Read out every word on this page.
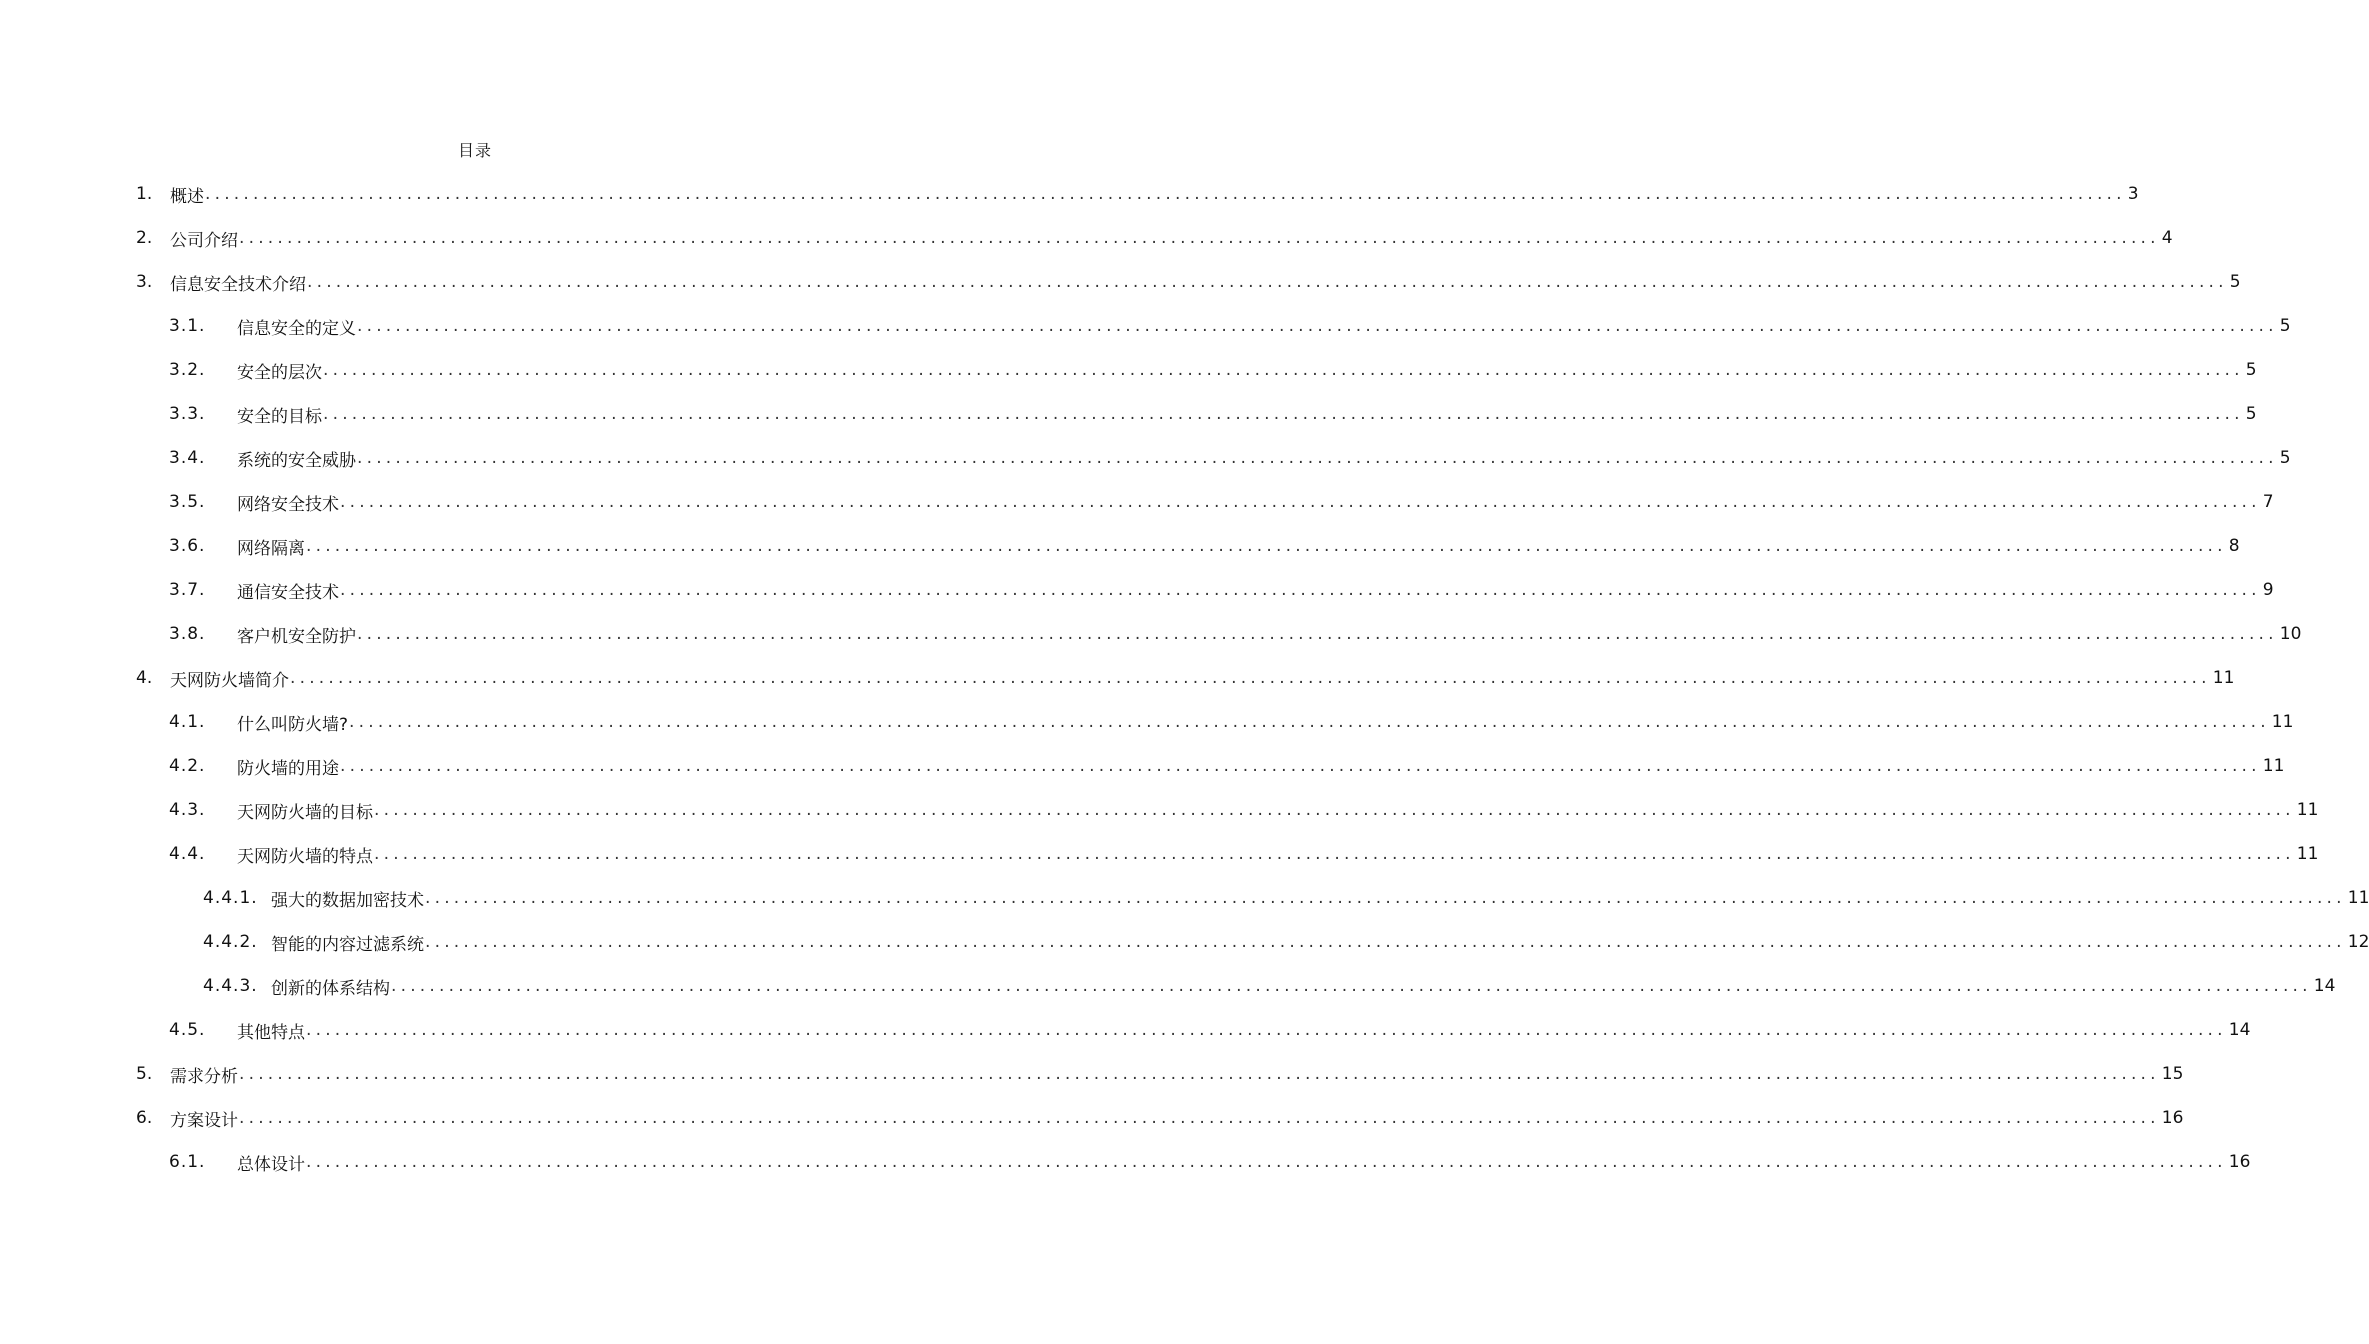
目录
1. 概述 ........................................................................................................................................................................................................ 3
2. 公司介绍 ........................................................................................................................................................................................................ 4
3. 信息安全技术介绍 ........................................................................................................................................................................................................ 5
3.1. 信息安全的定义 ........................................................................................................................................................................................................ 5
3.2. 安全的层次 ........................................................................................................................................................................................................ 5
3.3. 安全的目标 ........................................................................................................................................................................................................ 5
3.4. 系统的安全威胁 ........................................................................................................................................................................................................ 5
3.5. 网络安全技术 ........................................................................................................................................................................................................ 7
3.6. 网络隔离 ........................................................................................................................................................................................................ 8
3.7. 通信安全技术 ........................................................................................................................................................................................................ 9
3.8. 客户机安全防护 ........................................................................................................................................................................................................ 10
4. 天网防火墙简介 ........................................................................................................................................................................................................ 11
4.1. 什么叫防火墙? ........................................................................................................................................................................................................ 11
4.2. 防火墙的用途 ........................................................................................................................................................................................................ 11
4.3. 天网防火墙的目标 ........................................................................................................................................................................................................ 11
4.4. 天网防火墙的特点 ........................................................................................................................................................................................................ 11
4.4.1. 强大的数据加密技术 ........................................................................................................................................................................................................ 11
4.4.2. 智能的内容过滤系统 ........................................................................................................................................................................................................ 12
4.4.3. 创新的体系结构 ........................................................................................................................................................................................................ 14
4.5. 其他特点 ........................................................................................................................................................................................................ 14
5. 需求分析 ........................................................................................................................................................................................................ 15
6. 方案设计 ........................................................................................................................................................................................................ 16
6.1. 总体设计 ........................................................................................................................................................................................................ 16
